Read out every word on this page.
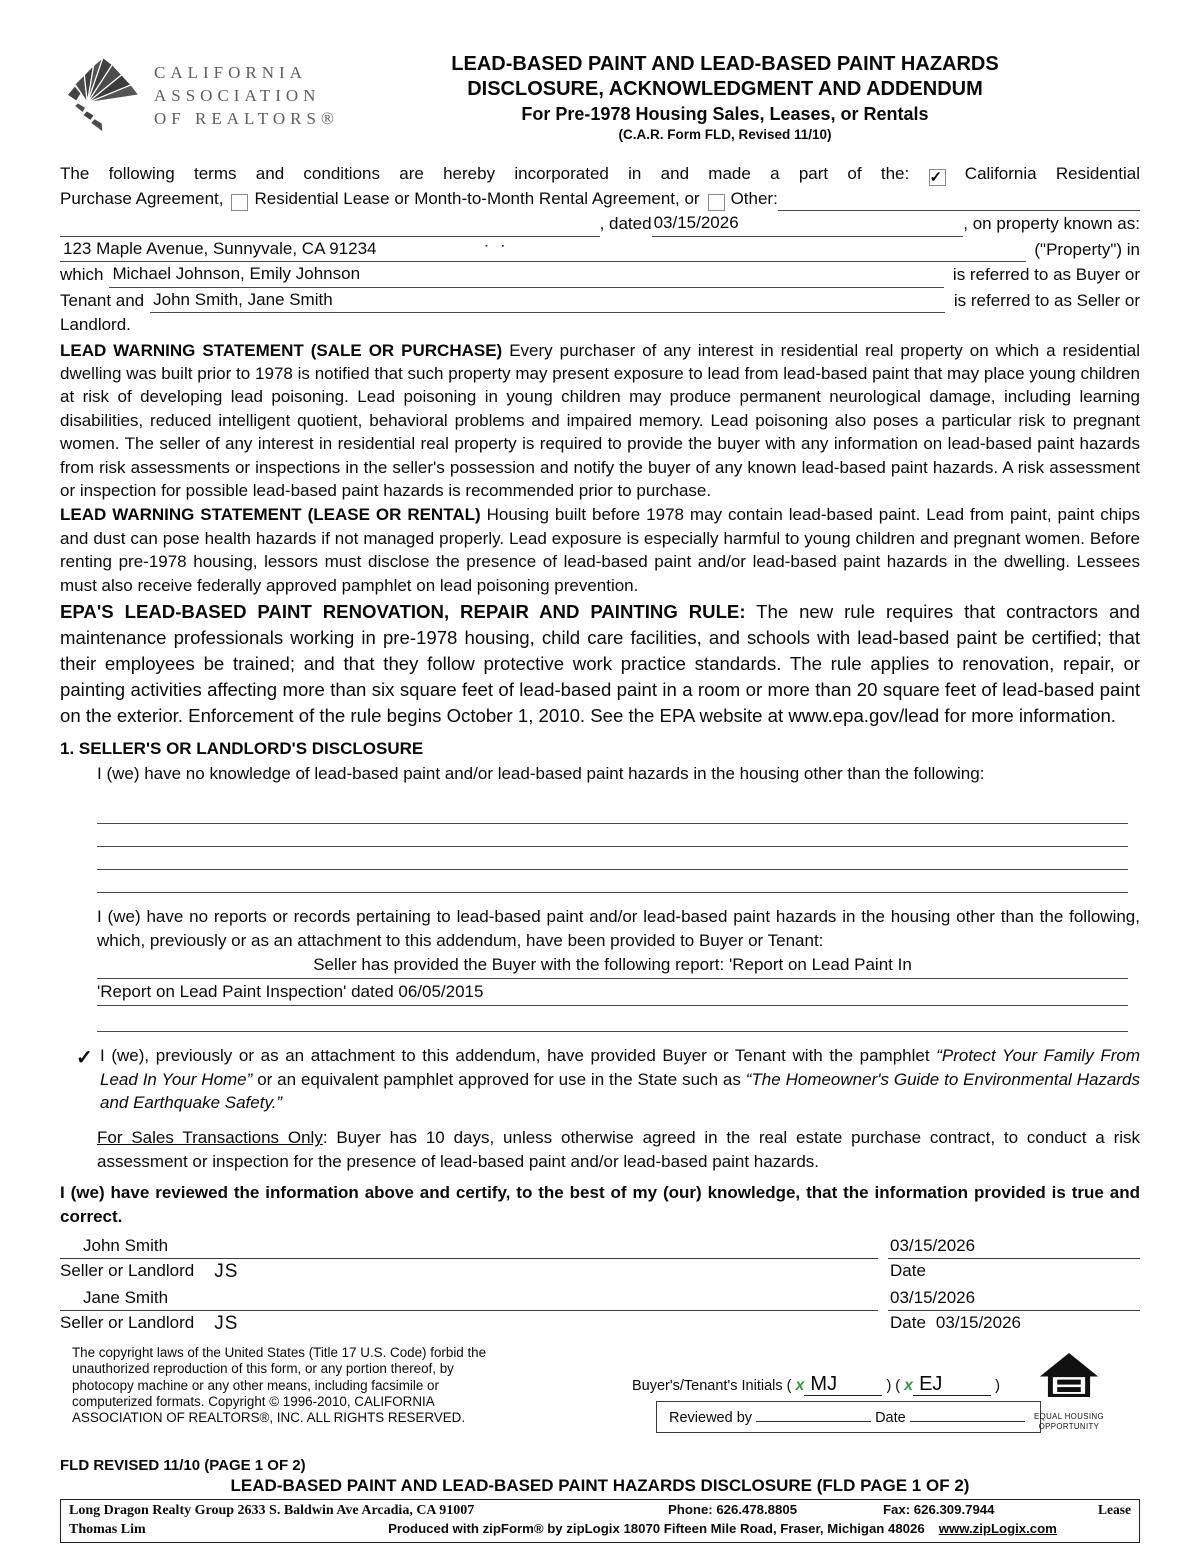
CALIFORNIA
ASSOCIATION
OF REALTORS®
LEAD-BASED PAINT AND LEAD-BASED PAINT HAZARDS
DISCLOSURE, ACKNOWLEDGMENT AND ADDENDUM
For Pre-1978 Housing Sales, Leases, or Rentals
(C.A.R. Form FLD, Revised 11/10)
The following terms and conditions are hereby incorporated in and made a part of the: ✓ California Residential
Purchase Agreement, Residential Lease or Month-to-Month Rental Agreement, or Other:
, dated 03/15/2026	, on property known as:
123 Maple Avenue, Sunnyvale, CA 91234	▪ ▪	("Property") in
which Michael Johnson, Emily Johnson	is referred to as Buyer or
Tenant and John Smith, Jane Smith	is referred to as Seller or
Landlord.

LEAD WARNING STATEMENT (SALE OR PURCHASE) Every purchaser of any interest in residential real property on which a residential dwelling was built prior to 1978 is notified that such property may present exposure to lead from lead-based paint that may place young children at risk of developing lead poisoning. Lead poisoning in young children may produce permanent neurological damage, including learning disabilities, reduced intelligent quotient, behavioral problems and impaired memory. Lead poisoning also poses a particular risk to pregnant women. The seller of any interest in residential real property is required to provide the buyer with any information on lead-based paint hazards from risk assessments or inspections in the seller's possession and notify the buyer of any known lead-based paint hazards. A risk assessment or inspection for possible lead-based paint hazards is recommended prior to purchase.

LEAD WARNING STATEMENT (LEASE OR RENTAL) Housing built before 1978 may contain lead-based paint. Lead from paint, paint chips and dust can pose health hazards if not managed properly. Lead exposure is especially harmful to young children and pregnant women. Before renting pre-1978 housing, lessors must disclose the presence of lead-based paint and/or lead-based paint hazards in the dwelling. Lessees must also receive federally approved pamphlet on lead poisoning prevention.

EPA'S LEAD-BASED PAINT RENOVATION, REPAIR AND PAINTING RULE: The new rule requires that contractors and maintenance professionals working in pre-1978 housing, child care facilities, and schools with lead-based paint be certified; that their employees be trained; and that they follow protective work practice standards. The rule applies to renovation, repair, or painting activities affecting more than six square feet of lead-based paint in a room or more than 20 square feet of lead-based paint on the exterior. Enforcement of the rule begins October 1, 2010. See the EPA website at www.epa.gov/lead for more information.

1. SELLER'S OR LANDLORD'S DISCLOSURE

I (we) have no knowledge of lead-based paint and/or lead-based paint hazards in the housing other than the following:

I (we) have no reports or records pertaining to lead-based paint and/or lead-based paint hazards in the housing other than the following, which, previously or as an attachment to this addendum, have been provided to Buyer or Tenant:

Seller has provided the Buyer with the following report: 'Report on Lead Paint In
'Report on Lead Paint Inspection' dated 06/05/2015
✓ I (we), previously or as an attachment to this addendum, have provided Buyer or Tenant with the pamphlet “Protect Your Family From Lead In Your Home” or an equivalent pamphlet approved for use in the State such as “The Homeowner's Guide to Environmental Hazards and Earthquake Safety.”

For Sales Transactions Only: Buyer has 10 days, unless otherwise agreed in the real estate purchase contract, to conduct a risk assessment or inspection for the presence of lead-based paint and/or lead-based paint hazards.

I (we) have reviewed the information above and certify, to the best of my (our) knowledge, that the information provided is true and correct.

John Smith	03/15/2026
Seller or Landlord JS	Date
Jane Smith	03/15/2026
Seller or Landlord JS	Date 03/15/2026
The copyright laws of the United States (Title 17 U.S. Code) forbid the unauthorized reproduction of this form, or any portion thereof, by photocopy machine or any other means, including facsimile or computerized formats. Copyright © 1996-2010, CALIFORNIA ASSOCIATION OF REALTORS®, INC. ALL RIGHTS RESERVED.
Buyer's/Tenant's Initials ( x MJ	) ( x EJ	)
Reviewed by	Date	EQUAL HOUSING
OPPORTUNITY
FLD REVISED 11/10 (PAGE 1 OF 2)
LEAD-BASED PAINT AND LEAD-BASED PAINT HAZARDS DISCLOSURE (FLD PAGE 1 OF 2)
Long Dragon Realty Group 2633 S. Baldwin Ave Arcadia, CA 91007	Phone: 626.478.8805	Fax: 626.309.7944	Lease
Thomas Lim	Produced with zipForm® by zipLogix 18070 Fifteen Mile Road, Fraser, Michigan 48026 www.zipLogix.com
